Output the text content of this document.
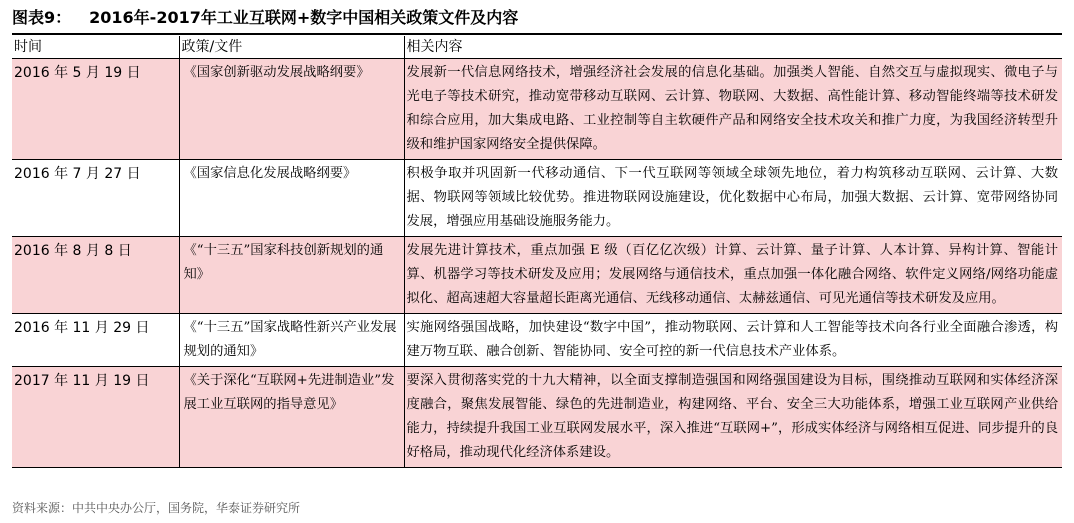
图表9： 2016年-2017年工业互联网+数字中国相关政策文件及内容
时间	政策/文件	相关内容
2016 年 5 月 19 日	《国家创新驱动发展战略纲要》	发展新一代信息网络技术，增强经济社会发展的信息化基础。加强类人智能、自然交互与虚拟现实、微电子与光电子等技术研究，推动宽带移动互联网、云计算、物联网、大数据、高性能计算、移动智能终端等技术研发和综合应用，加大集成电路、工业控制等自主软硬件产品和网络安全技术攻关和推广力度，为我国经济转型升级和维护国家网络安全提供保障。
2016 年 7 月 27 日	《国家信息化发展战略纲要》	积极争取并巩固新一代移动通信、下一代互联网等领域全球领先地位，着力构筑移动互联网、云计算、大数据、物联网等领域比较优势。推进物联网设施建设，优化数据中心布局，加强大数据、云计算、宽带网络协同发展，增强应用基础设施服务能力。
2016 年 8 月 8 日	《“十三五”国家科技创新规划的通知》	发展先进计算技术，重点加强 E 级（百亿亿次级）计算、云计算、量子计算、人本计算、异构计算、智能计算、机器学习等技术研发及应用；发展网络与通信技术，重点加强一体化融合网络、软件定义网络/网络功能虚拟化、超高速超大容量超长距离光通信、无线移动通信、太赫兹通信、可见光通信等技术研发及应用。
2016 年 11 月 29 日	《“十三五”国家战略性新兴产业发展规划的通知》	实施网络强国战略，加快建设“数字中国”，推动物联网、云计算和人工智能等技术向各行业全面融合渗透，构建万物互联、融合创新、智能协同、安全可控的新一代信息技术产业体系。
2017 年 11 月 19 日	《关于深化“互联网+先进制造业”发展工业互联网的指导意见》	要深入贯彻落实党的十九大精神，以全面支撑制造强国和网络强国建设为目标，围绕推动互联网和实体经济深度融合，聚焦发展智能、绿色的先进制造业，构建网络、平台、安全三大功能体系，增强工业互联网产业供给能力，持续提升我国工业互联网发展水平，深入推进“互联网+”，形成实体经济与网络相互促进、同步提升的良好格局，推动现代化经济体系建设。
资料来源：中共中央办公厅，国务院，华泰证券研究所
